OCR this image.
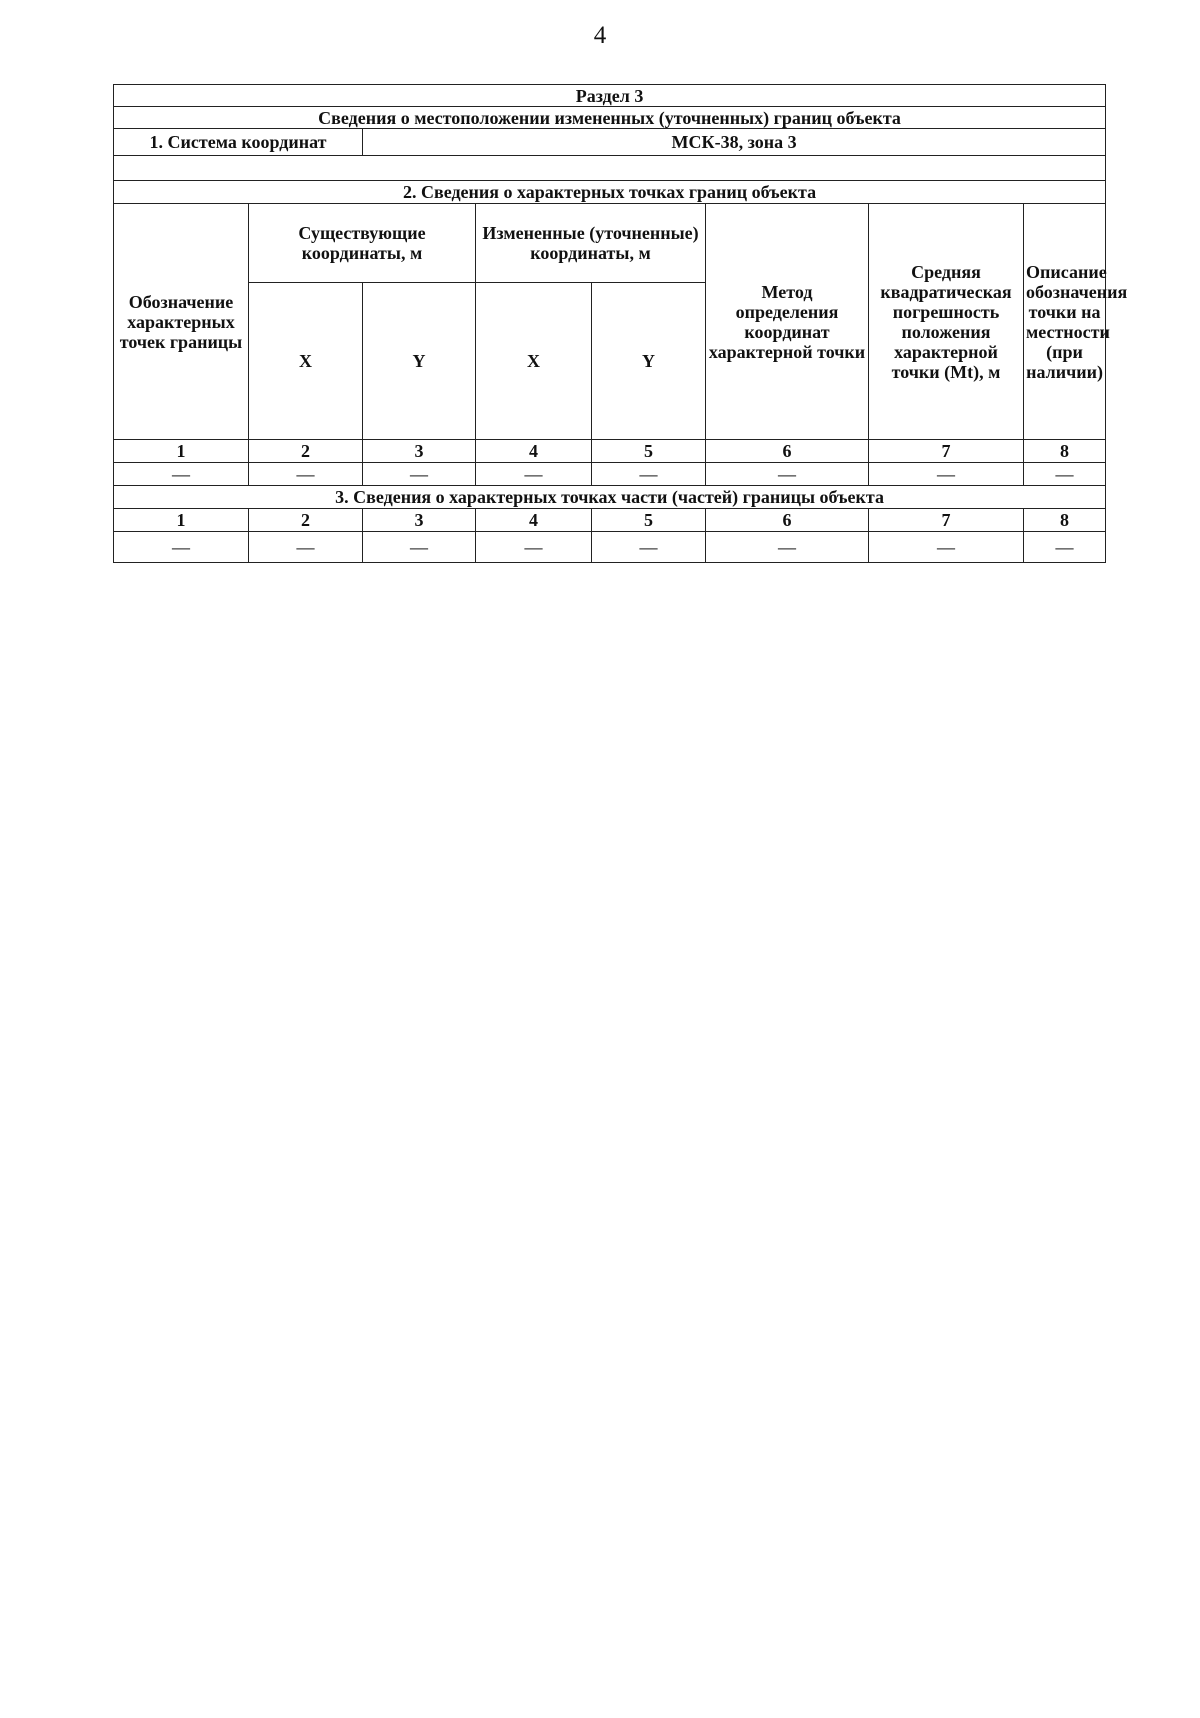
4
Раздел 3							
Сведения о местоположении измененных (уточненных) границ объекта							
1. Система координат		МСК-38, зона 3					

2. Сведения о характерных точках границ объекта							
Обозначение характерных точек границы	Существующие координаты, м		Измененные (уточненные) координаты, м		Метод определения координат характерной точки	Средняя квадратическая погрешность положения характерной точки (Mt), м	Описание обозначения точки на местности (при наличии)
	X	Y	X	Y			
1	2	3	4	5	6	7	8
—	—	—	—	—	—	—	—
3. Сведения о характерных точках части (частей) границы объекта							
1	2	3	4	5	6	7	8
—	—	—	—	—	—	—	—
